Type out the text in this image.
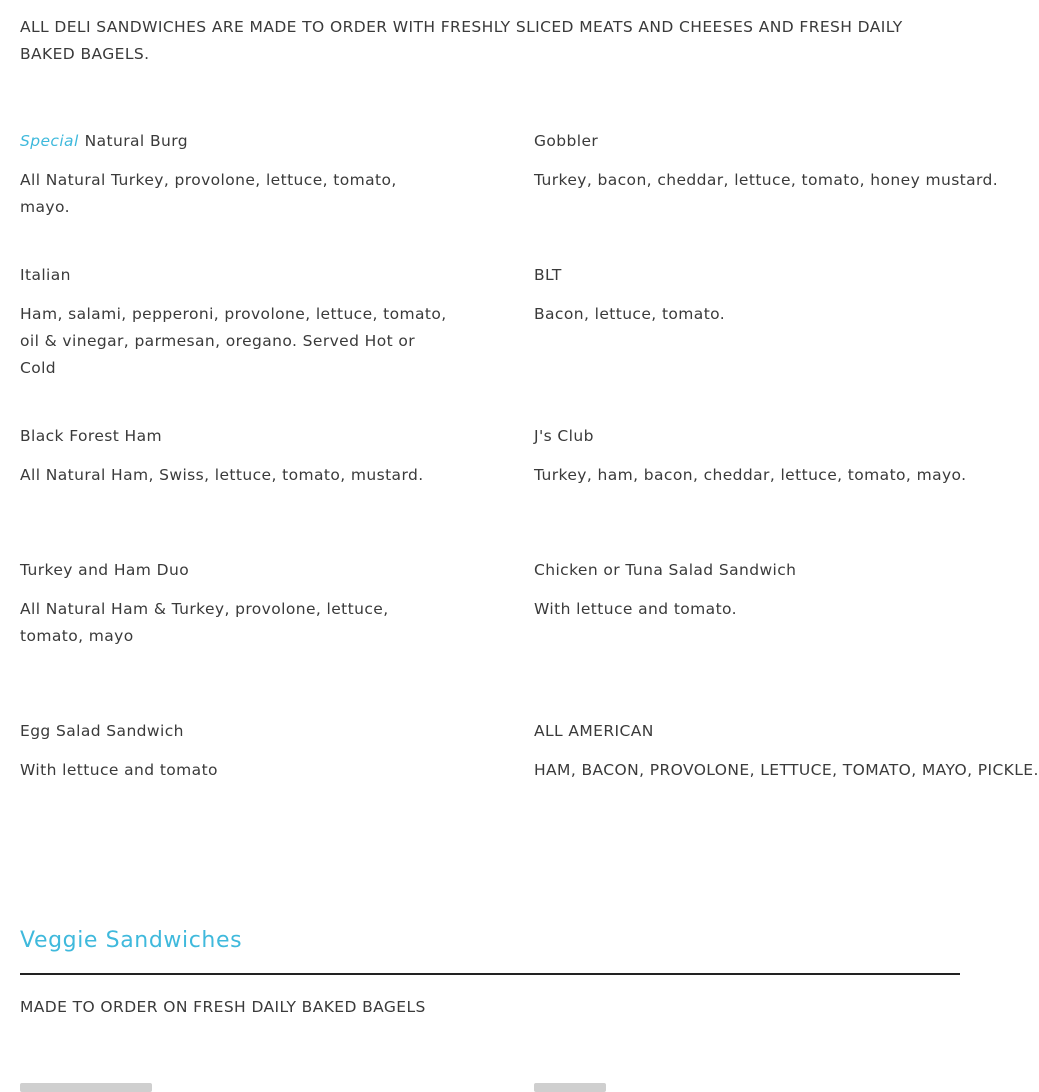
ALL DELI SANDWICHES ARE MADE TO ORDER WITH FRESHLY SLICED MEATS AND CHEESES AND FRESH DAILY BAKED BAGELS.

Special Natural Burg

All Natural Turkey, provolone, lettuce, tomato, mayo.

Gobbler

Turkey, bacon, cheddar, lettuce, tomato, honey mustard.

Italian

Ham, salami, pepperoni, provolone, lettuce, tomato, oil & vinegar, parmesan, oregano. Served Hot or Cold

BLT

Bacon, lettuce, tomato.

Black Forest Ham

All Natural Ham, Swiss, lettuce, tomato, mustard.

J's Club

Turkey, ham, bacon, cheddar, lettuce, tomato, mayo.

Turkey and Ham Duo

All Natural Ham & Turkey, provolone, lettuce, tomato, mayo

Chicken or Tuna Salad Sandwich

With lettuce and tomato.

Egg Salad Sandwich

With lettuce and tomato

ALL AMERICAN

HAM, BACON, PROVOLONE, LETTUCE, TOMATO, MAYO, PICKLE.

Veggie Sandwiches

MADE TO ORDER ON FRESH DAILY BAKED BAGELS
